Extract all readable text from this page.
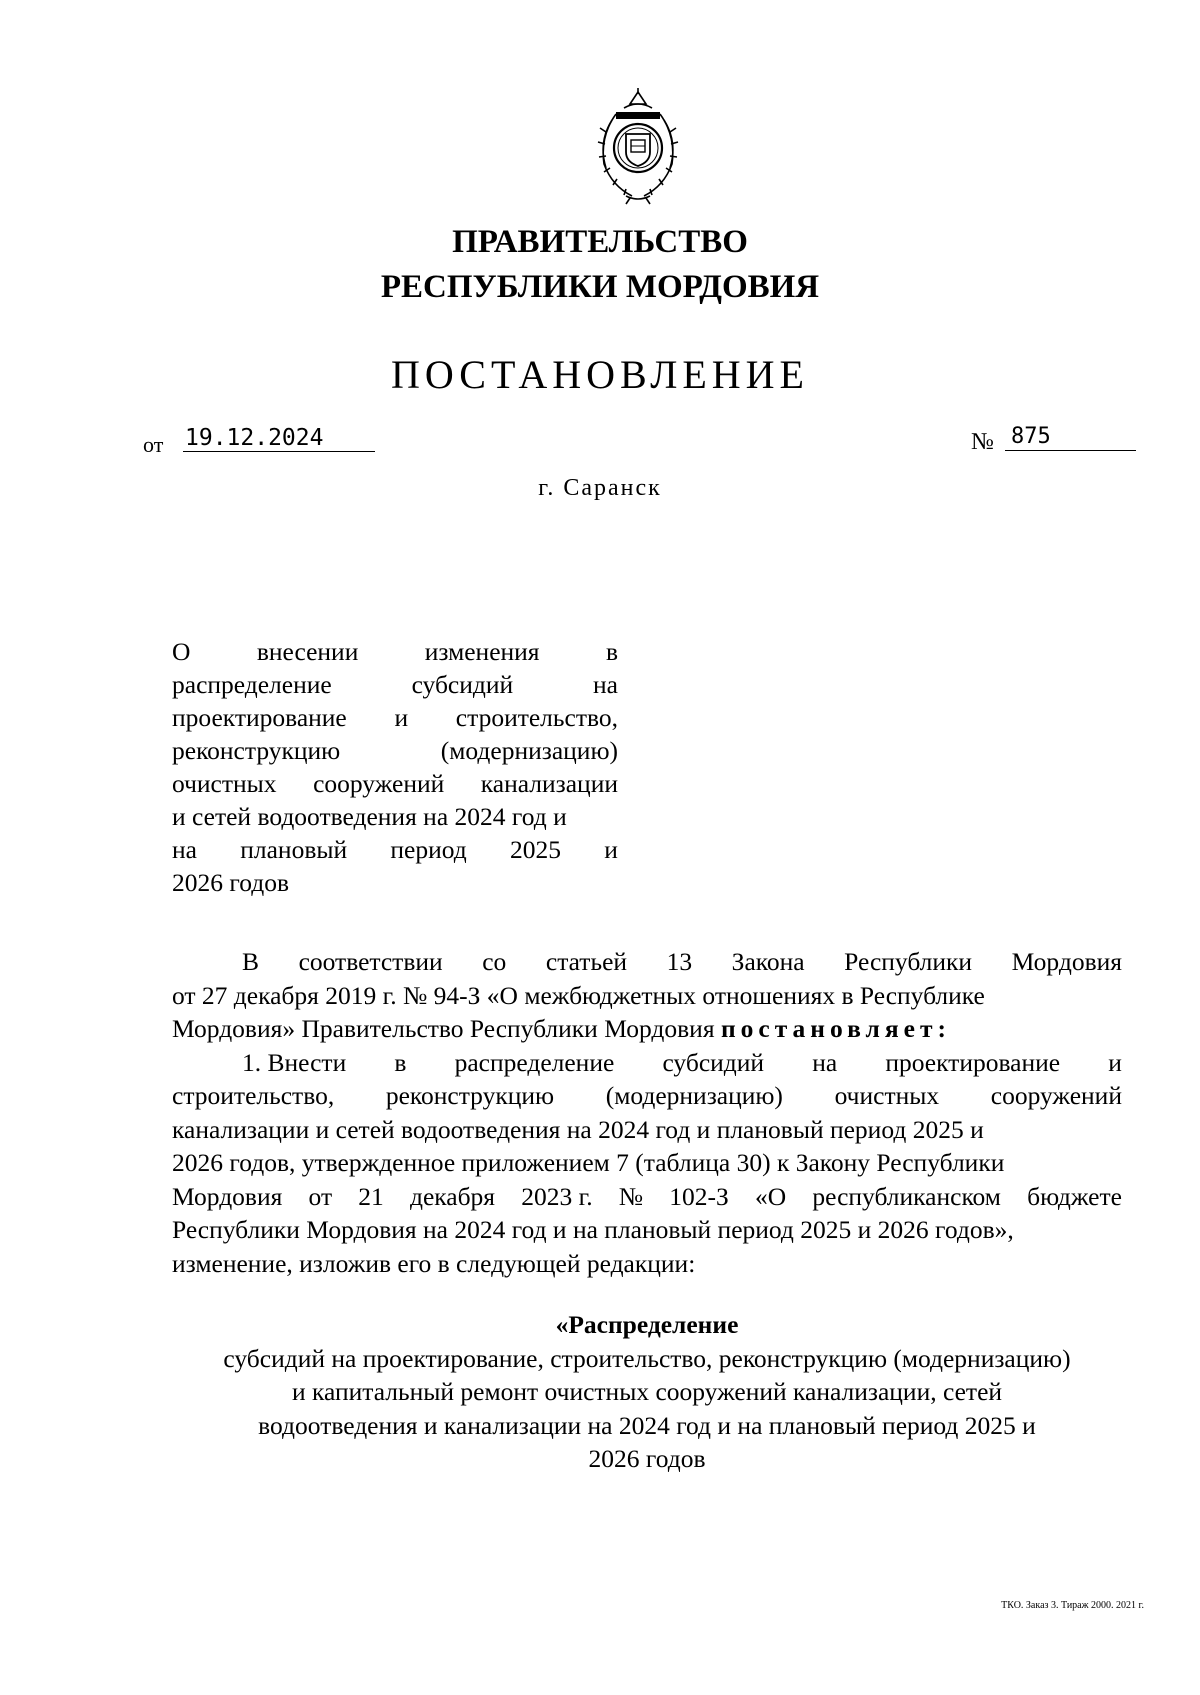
ПРАВИТЕЛЬСТВО
РЕСПУБЛИКИ МОРДОВИЯ
ПОСТАНОВЛЕНИЕ
от 19.12.2024	№ 875
г. Саранск
О	внесении	изменения	в
распределение	субсидий	на
проектирование и строительство,
реконструкцию	(модернизацию)
очистных сооружений канализации
и сетей водоотведения на 2024 год и
на плановый период 2025 и
2026 годов
В соответствии со статьей 13 Закона Республики Мордовия
от 27 декабря 2019 г. № 94-З «О межбюджетных отношениях в Республике
Мордовия» Правительство Республики Мордовия постановляет:
1. Внести в распределение субсидий на проектирование и
строительство, реконструкцию (модернизацию) очистных сооружений
канализации и сетей водоотведения на 2024 год и плановый период 2025 и
2026 годов, утвержденное приложением 7 (таблица 30) к Закону Республики
Мордовия от 21 декабря 2023 г. № 102-З «О республиканском бюджете
Республики Мордовия на 2024 год и на плановый период 2025 и 2026 годов»,
изменение, изложив его в следующей редакции:
«Распределение
субсидий на проектирование, строительство, реконструкцию (модернизацию)
и капитальный ремонт очистных сооружений канализации, сетей
водоотведения и канализации на 2024 год и на плановый период 2025 и
2026 годов
ТКО. Заказ 3. Тираж 2000. 2021 г.
